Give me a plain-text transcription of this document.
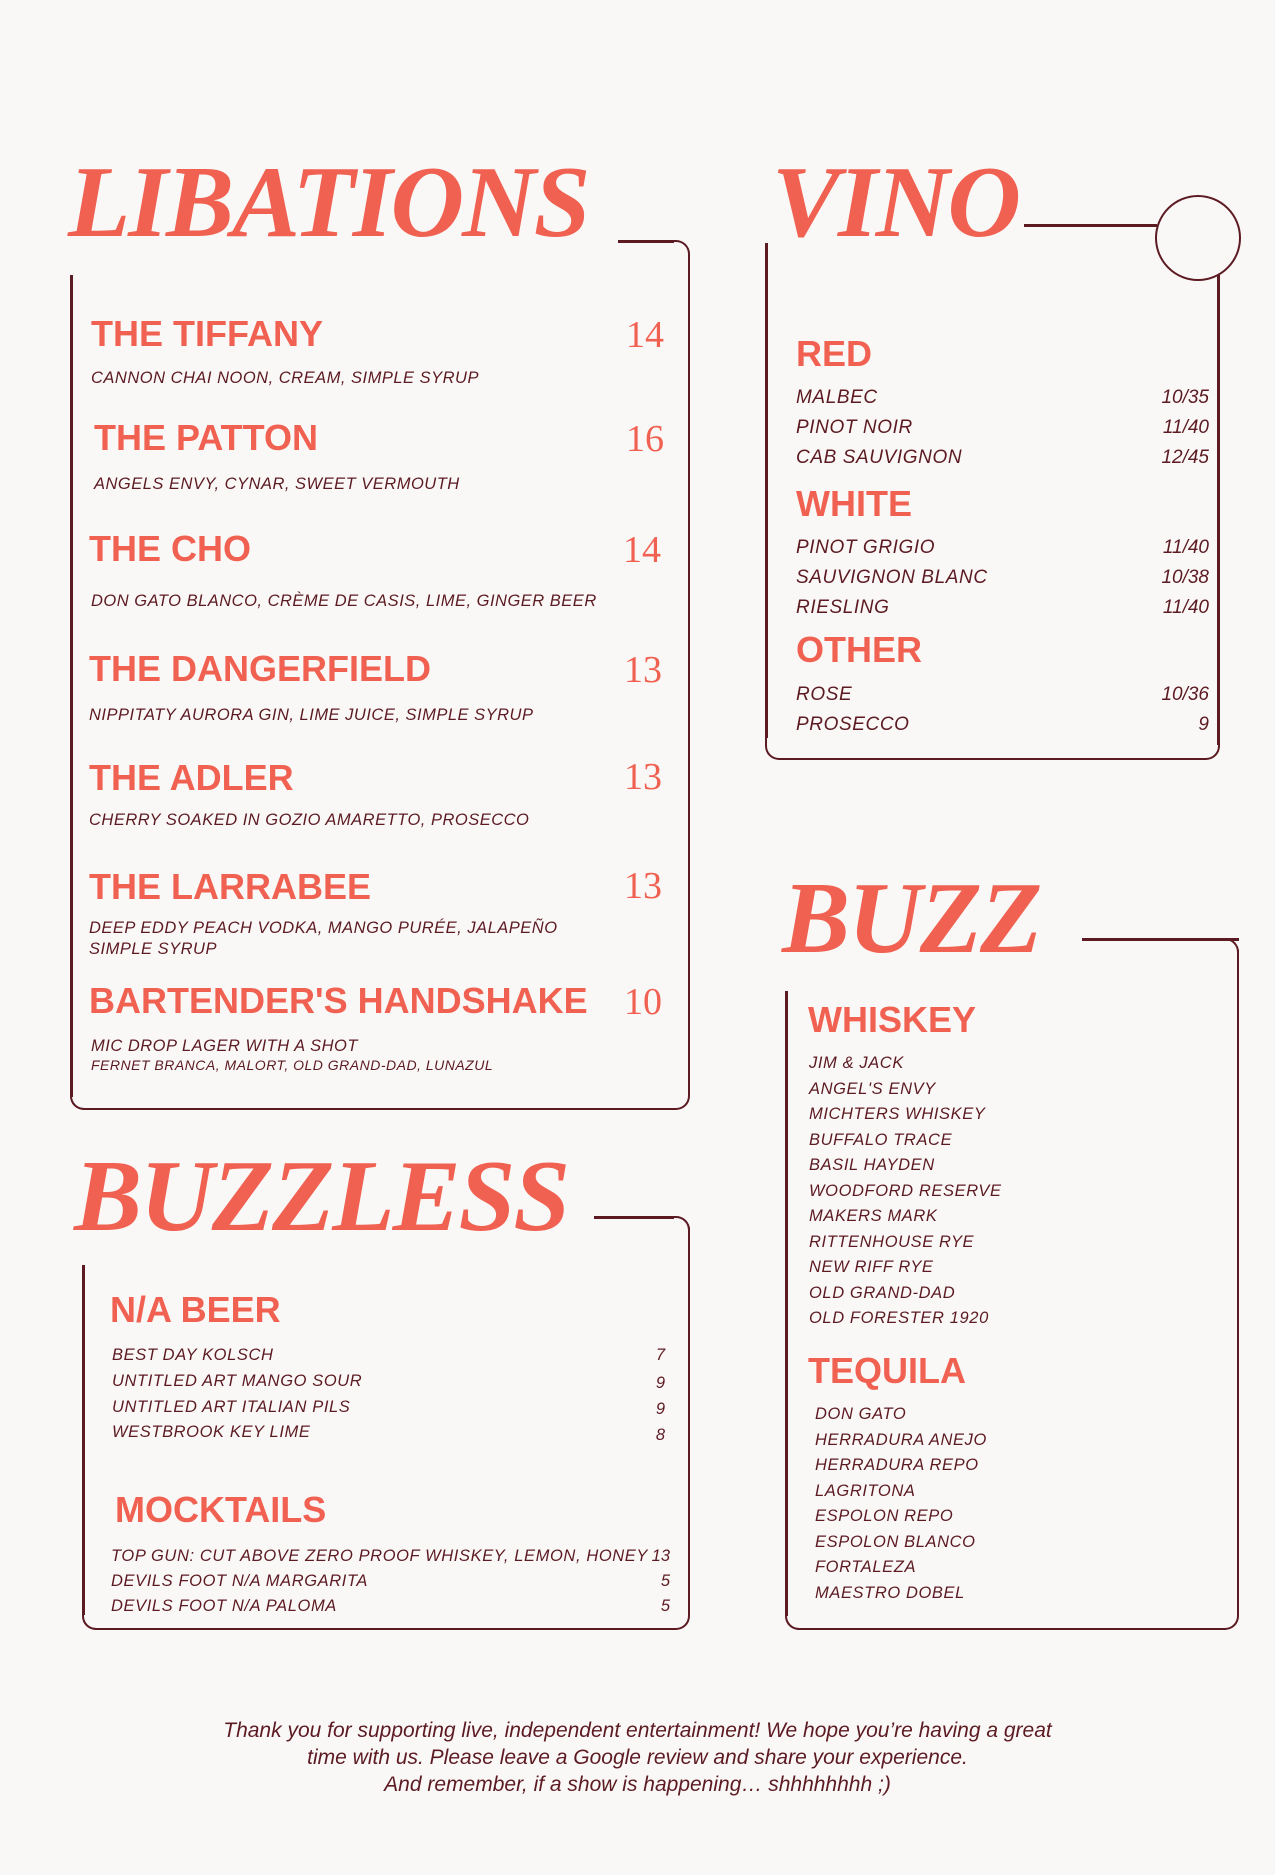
LIBATIONS
THE TIFFANY	14
CANNON CHAI NOON, CREAM, SIMPLE SYRUP
THE PATTON	16
ANGELS ENVY, CYNAR, SWEET VERMOUTH
THE CHO	14
DON GATO BLANCO, CRÈME DE CASIS, LIME, GINGER BEER
THE DANGERFIELD	13
NIPPITATY AURORA GIN, LIME JUICE, SIMPLE SYRUP
THE ADLER	13
CHERRY SOAKED IN GOZIO AMARETTO, PROSECCO
THE LARRABEE	13
DEEP EDDY PEACH VODKA, MANGO PURÉE, JALAPEÑO
SIMPLE SYRUP
BARTENDER'S HANDSHAKE 10
MIC DROP LAGER WITH A SHOT
FERNET BRANCA, MALORT, OLD GRAND-DAD, LUNAZUL
BUZZLESS
N/A BEER
BEST DAY KOLSCH	7
UNTITLED ART MANGO SOUR	9
UNTITLED ART ITALIAN PILS	9
WESTBROOK KEY LIME	8
MOCKTAILS
TOP GUN: CUT ABOVE ZERO PROOF WHISKEY, LEMON, HONEY 13
DEVILS FOOT N/A MARGARITA	5
DEVILS FOOT N/A PALOMA	5
VINO
RED
MALBEC	10/35
PINOT NOIR	11/40
CAB SAUVIGNON	12/45
WHITE
PINOT GRIGIO	11/40
SAUVIGNON BLANC	10/38
RIESLING	11/40
OTHER
ROSE	10/36
PROSECCO	9
BUZZ
WHISKEY
JIM & JACK
ANGEL'S ENVY
MICHTERS WHISKEY
BUFFALO TRACE
BASIL HAYDEN
WOODFORD RESERVE
MAKERS MARK
RITTENHOUSE RYE
NEW RIFF RYE
OLD GRAND-DAD
OLD FORESTER 1920
TEQUILA
DON GATO
HERRADURA ANEJO
HERRADURA REPO
LAGRITONA
ESPOLON REPO
ESPOLON BLANCO
FORTALEZA
MAESTRO DOBEL
Thank you for supporting live, independent entertainment! We hope you’re having a great
time with us. Please leave a Google review and share your experience.
And remember, if a show is happening… shhhhhhhh ;)
